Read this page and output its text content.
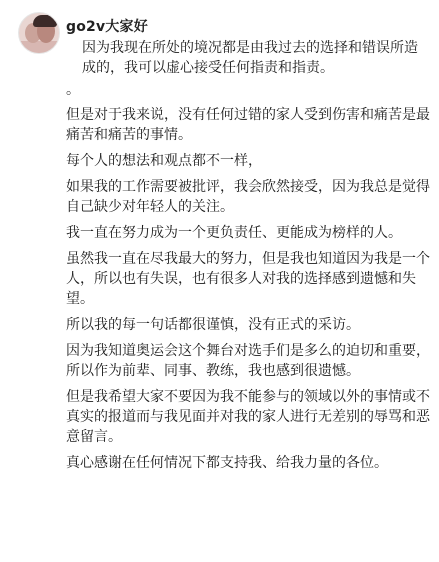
go2v大家好

因为我现在所处的境况都是由我过去的选择和错误所造成的，我可以虚心接受任何指责和指责。

。

但是对于我来说，没有任何过错的家人受到伤害和痛苦是最痛苦和痛苦的事情。

每个人的想法和观点都不一样，

如果我的工作需要被批评，我会欣然接受，因为我总是觉得自己缺少对年轻人的关注。

我一直在努力成为一个更负责任、更能成为榜样的人。

虽然我一直在尽我最大的努力，但是我也知道因为我是一个人，所以也有失误，也有很多人对我的选择感到遗憾和失望。

所以我的每一句话都很谨慎，没有正式的采访。

因为我知道奥运会这个舞台对选手们是多么的迫切和重要，所以作为前辈、同事、教练，我也感到很遗憾。

但是我希望大家不要因为我不能参与的领域以外的事情或不真实的报道而与我见面并对我的家人进行无差别的辱骂和恶意留言。

真心感谢在任何情况下都支持我、给我力量的各位。
